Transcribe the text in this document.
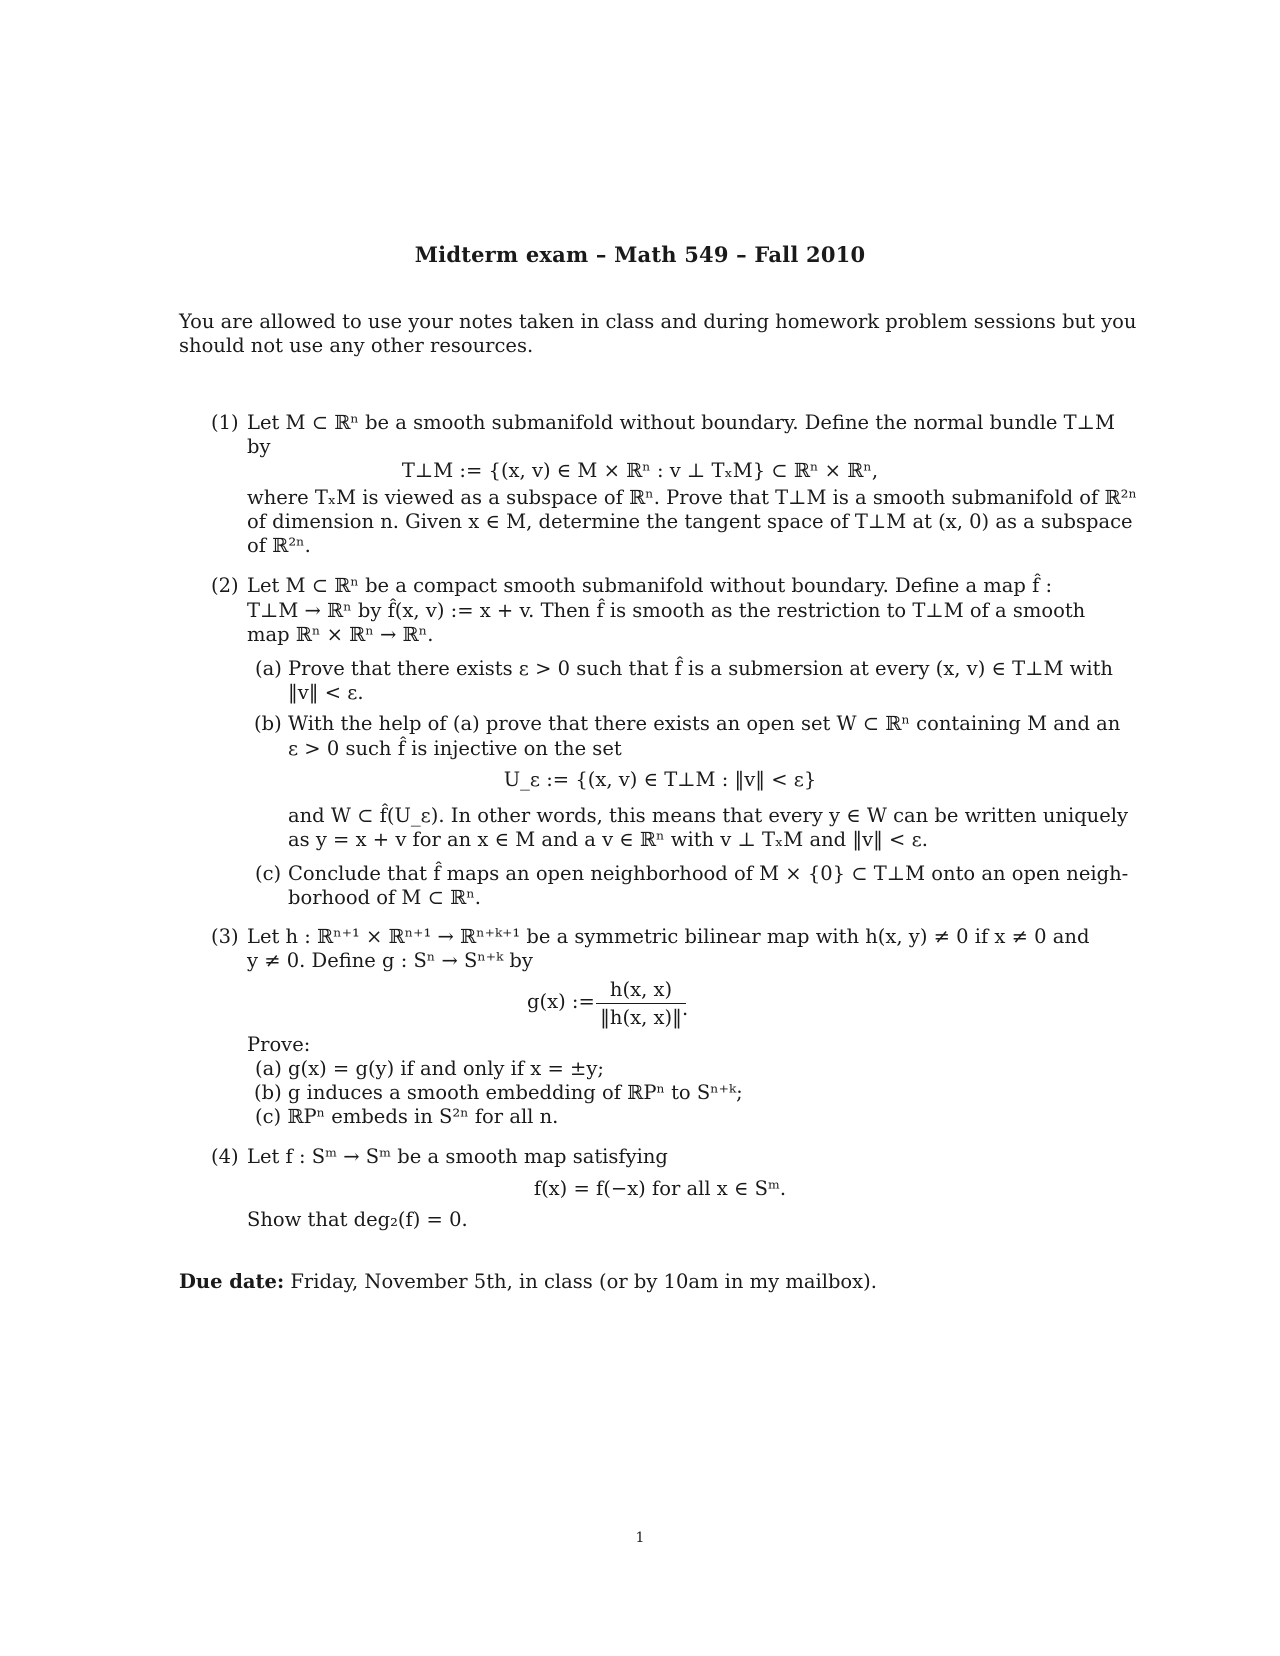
Midterm exam – Math 549 – Fall 2010
You are allowed to use your notes taken in class and during homework problem sessions but you
should not use any other resources.
(1) Let M ⊂ ℝⁿ be a smooth submanifold without boundary. Define the normal bundle T⊥M
by
T⊥M := {(x, v) ∈ M × ℝⁿ : v ⊥ TₓM} ⊂ ℝⁿ × ℝⁿ,
where TₓM is viewed as a subspace of ℝⁿ. Prove that T⊥M is a smooth submanifold of ℝ²ⁿ
of dimension n. Given x ∈ M, determine the tangent space of T⊥M at (x, 0) as a subspace
of ℝ²ⁿ.
(2) Let M ⊂ ℝⁿ be a compact smooth submanifold without boundary. Define a map f̂ :
T⊥M → ℝⁿ by f̂(x, v) := x + v. Then f̂ is smooth as the restriction to T⊥M of a smooth
map ℝⁿ × ℝⁿ → ℝⁿ.
(a) Prove that there exists ε > 0 such that f̂ is a submersion at every (x, v) ∈ T⊥M with
‖v‖ < ε.
(b) With the help of (a) prove that there exists an open set W ⊂ ℝⁿ containing M and an
ε > 0 such f̂ is injective on the set
U_ε := {(x, v) ∈ T⊥M : ‖v‖ < ε}
and W ⊂ f̂(U_ε). In other words, this means that every y ∈ W can be written uniquely
as y = x + v for an x ∈ M and a v ∈ ℝⁿ with v ⊥ TₓM and ‖v‖ < ε.
(c) Conclude that f̂ maps an open neighborhood of M × {0} ⊂ T⊥M onto an open neigh-
borhood of M ⊂ ℝⁿ.
(3) Let h : ℝⁿ⁺¹ × ℝⁿ⁺¹ → ℝⁿ⁺ᵏ⁺¹ be a symmetric bilinear map with h(x, y) ≠ 0 if x ≠ 0 and
y ≠ 0. Define g : Sⁿ → Sⁿ⁺ᵏ by
g(x) :=
h(x, x)
‖h(x, x)‖ .
Prove:
(a) g(x) = g(y) if and only if x = ±y;
(b) g induces a smooth embedding of ℝPⁿ to Sⁿ⁺ᵏ;
(c) ℝPⁿ embeds in S²ⁿ for all n.
(4) Let f : Sᵐ → Sᵐ be a smooth map satisfying
f(x) = f(−x) for all x ∈ Sᵐ.
Show that deg₂(f) = 0.
Due date: Friday, November 5th, in class (or by 10am in my mailbox).
1
